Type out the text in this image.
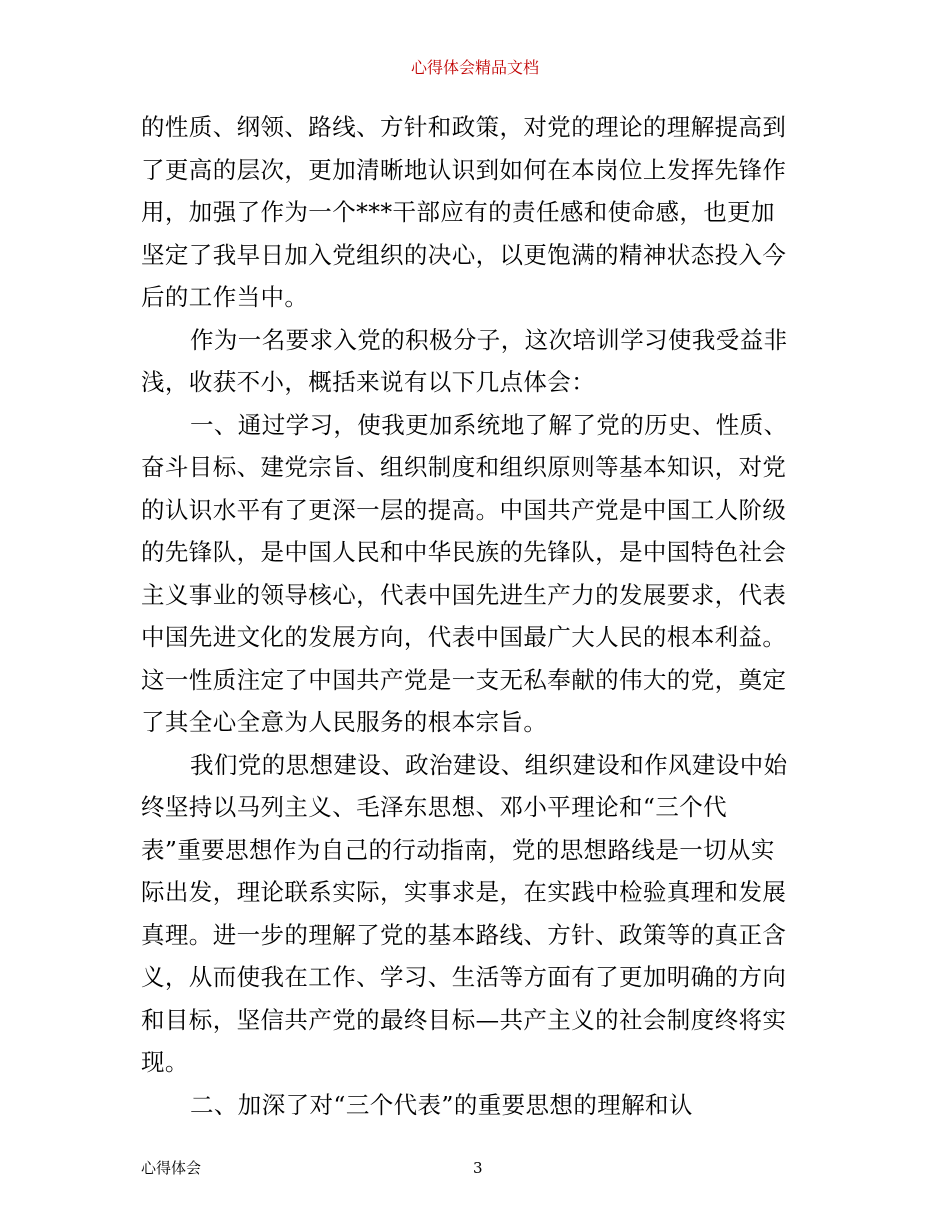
心得体会精品文档

的性质、纲领、路线、方针和政策，对党的理论的理解提高到

了更高的层次，更加清晰地认识到如何在本岗位上发挥先锋作

用，加强了作为一个***干部应有的责任感和使命感，也更加

坚定了我早日加入党组织的决心，以更饱满的精神状态投入今

后的工作当中。

作为一名要求入党的积极分子，这次培训学习使我受益非

浅，收获不小，概括来说有以下几点体会：

一、通过学习，使我更加系统地了解了党的历史、性质、

奋斗目标、建党宗旨、组织制度和组织原则等基本知识，对党

的认识水平有了更深一层的提高。中国共产党是中国工人阶级

的先锋队，是中国人民和中华民族的先锋队，是中国特色社会

主义事业的领导核心，代表中国先进生产力的发展要求，代表

中国先进文化的发展方向，代表中国最广大人民的根本利益。

这一性质注定了中国共产党是一支无私奉献的伟大的党，奠定

了其全心全意为人民服务的根本宗旨。

我们党的思想建设、政治建设、组织建设和作风建设中始

终坚持以马列主义、毛泽东思想、邓小平理论和“三个代

表”重要思想作为自己的行动指南，党的思想路线是一切从实

际出发，理论联系实际，实事求是，在实践中检验真理和发展

真理。进一步的理解了党的基本路线、方针、政策等的真正含

义，从而使我在工作、学习、生活等方面有了更加明确的方向

和目标，坚信共产党的最终目标—共产主义的社会制度终将实

现。

二、加深了对“三个代表”的重要思想的理解和认

心得体会	3
